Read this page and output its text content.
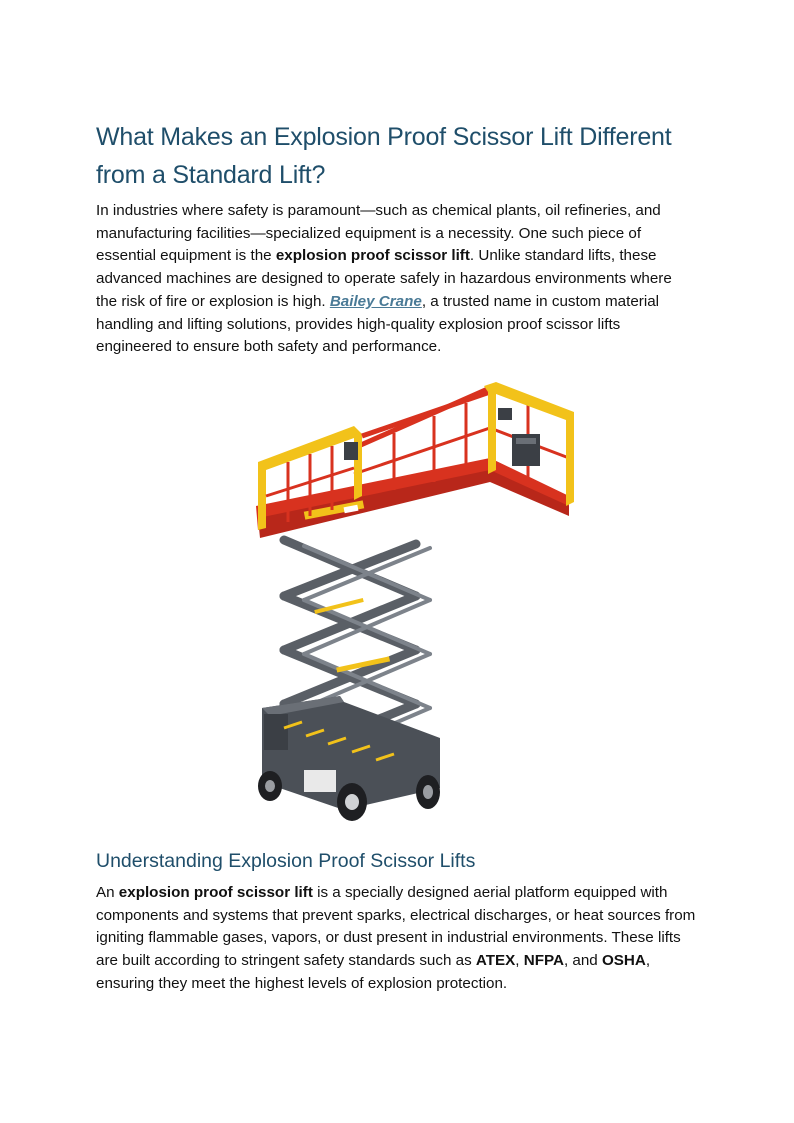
What Makes an Explosion Proof Scissor Lift Different from a Standard Lift?

In industries where safety is paramount—such as chemical plants, oil refineries, and manufacturing facilities—specialized equipment is a necessity. One such piece of essential equipment is the explosion proof scissor lift. Unlike standard lifts, these advanced machines are designed to operate safely in hazardous environments where the risk of fire or explosion is high. Bailey Crane, a trusted name in custom material handling and lifting solutions, provides high-quality explosion proof scissor lifts engineered to ensure both safety and performance.

Understanding Explosion Proof Scissor Lifts

An explosion proof scissor lift is a specially designed aerial platform equipped with components and systems that prevent sparks, electrical discharges, or heat sources from igniting flammable gases, vapors, or dust present in industrial environments. These lifts are built according to stringent safety standards such as ATEX, NFPA, and OSHA, ensuring they meet the highest levels of explosion protection.
